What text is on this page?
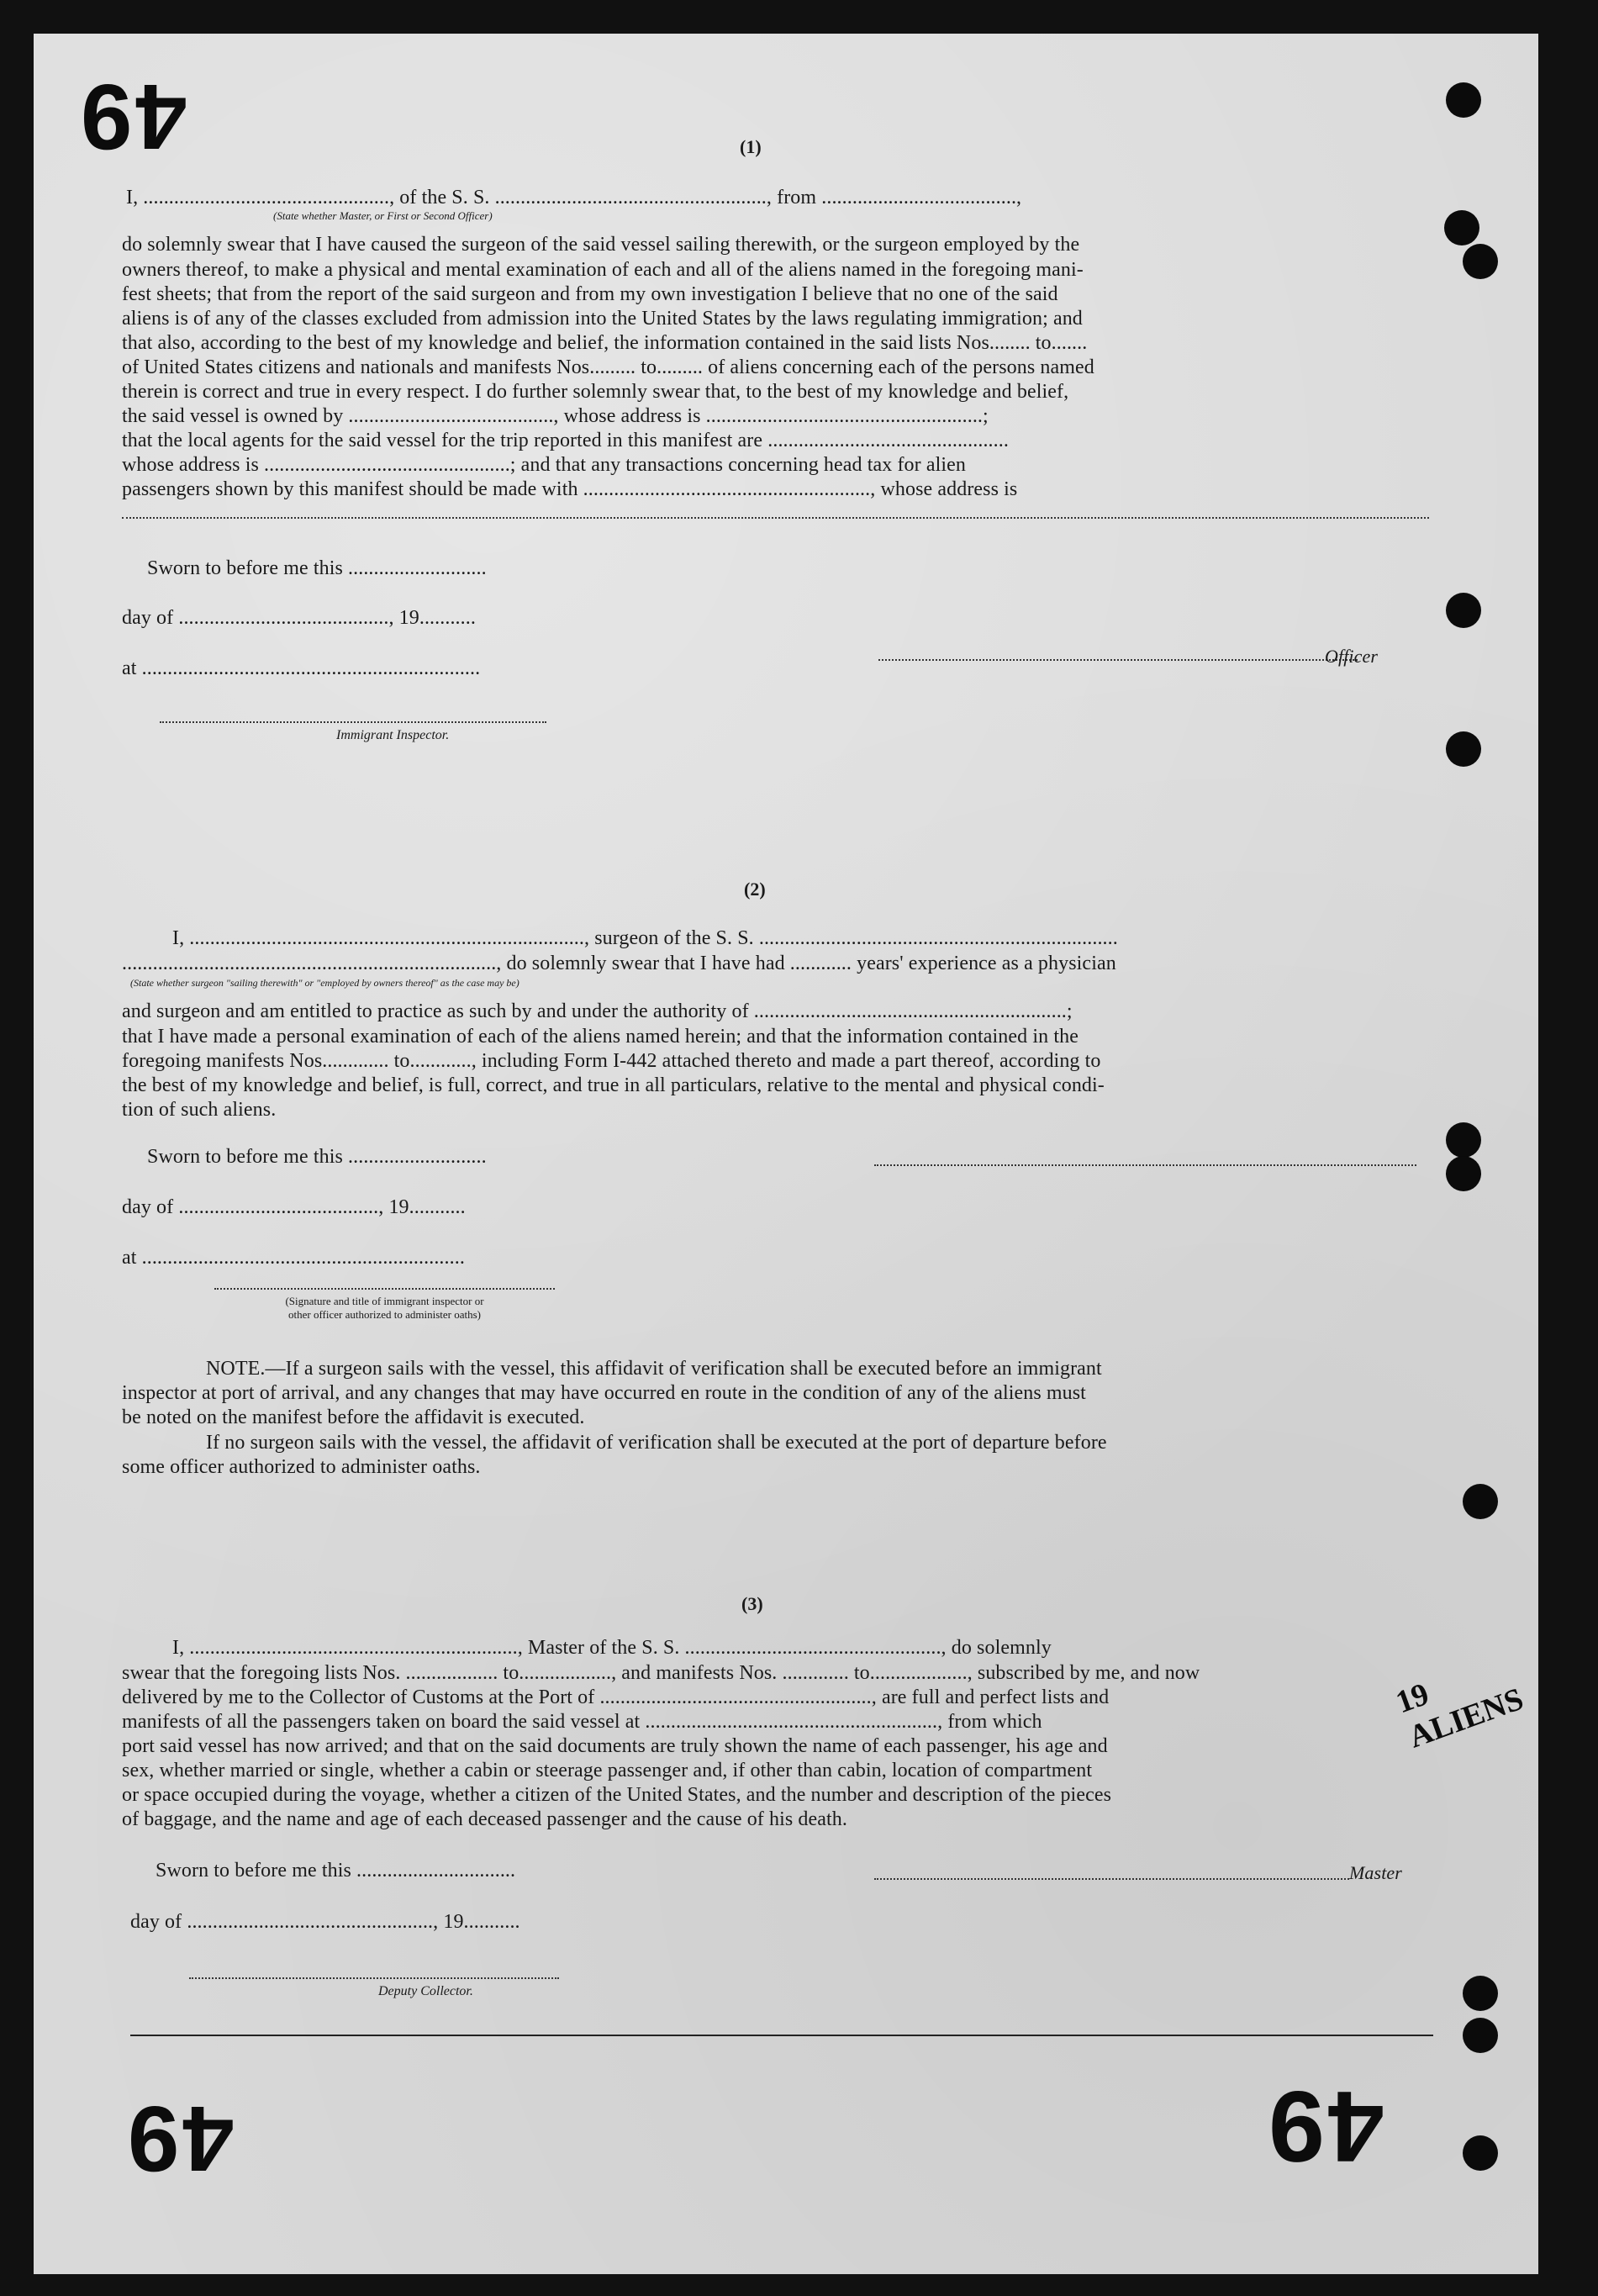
49
49	49
19 ALIENS
(1)
I, ................................................, of the S. S. ....................................................., from ......................................,
(State whether Master, or First or Second Officer)
do solemnly swear that I have caused the surgeon of the said vessel sailing therewith, or the surgeon employed by the
owners thereof, to make a physical and mental examination of each and all of the aliens named in the foregoing mani-
fest sheets; that from the report of the said surgeon and from my own investigation I believe that no one of the said
aliens is of any of the classes excluded from admission into the United States by the laws regulating immigration; and
that also, according to the best of my knowledge and belief, the information contained in the said lists Nos........ to.......
of United States citizens and nationals and manifests Nos......... to......... of aliens concerning each of the persons named
therein is correct and true in every respect. I do further solemnly swear that, to the best of my knowledge and belief,
the said vessel is owned by ........................................, whose address is ......................................................;
that the local agents for the said vessel for the trip reported in this manifest are ...............................................
whose address is ................................................; and that any transactions concerning head tax for alien
passengers shown by this manifest should be made with ........................................................, whose address is
Sworn to before me this ...........................
day of ........................................., 19...........
at ..................................................................
Officer
Immigrant Inspector.
(2)
I, ............................................................................., surgeon of the S. S. ......................................................................
........................................................................., do solemnly swear that I have had ............ years' experience as a physician
(State whether surgeon "sailing therewith" or "employed by owners thereof" as the case may be)
and surgeon and am entitled to practice as such by and under the authority of .............................................................;
that I have made a personal examination of each of the aliens named herein; and that the information contained in the
foregoing manifests Nos............. to............, including Form I-442 attached thereto and made a part thereof, according to
the best of my knowledge and belief, is full, correct, and true in all particulars, relative to the mental and physical condi-
tion of such aliens.
Sworn to before me this ...........................
day of ......................................., 19...........
at ...............................................................
(Signature and title of immigrant inspector or
other officer authorized to administer oaths)
NOTE.—If a surgeon sails with the vessel, this affidavit of verification shall be executed before an immigrant
inspector at port of arrival, and any changes that may have occurred en route in the condition of any of the aliens must
be noted on the manifest before the affidavit is executed.
If no surgeon sails with the vessel, the affidavit of verification shall be executed at the port of departure before
some officer authorized to administer oaths.
(3)
I, ................................................................, Master of the S. S. .................................................., do solemnly
swear that the foregoing lists Nos. .................. to.................., and manifests Nos. ............. to..................., subscribed by me, and now
delivered by me to the Collector of Customs at the Port of ....................................................., are full and perfect lists and
manifests of all the passengers taken on board the said vessel at ........................................................., from which
port said vessel has now arrived; and that on the said documents are truly shown the name of each passenger, his age and
sex, whether married or single, whether a cabin or steerage passenger and, if other than cabin, location of compartment
or space occupied during the voyage, whether a citizen of the United States, and the number and description of the pieces
of baggage, and the name and age of each deceased passenger and the cause of his death.
Sworn to before me this ...............................	Master
day of ................................................, 19...........
Deputy Collector.
